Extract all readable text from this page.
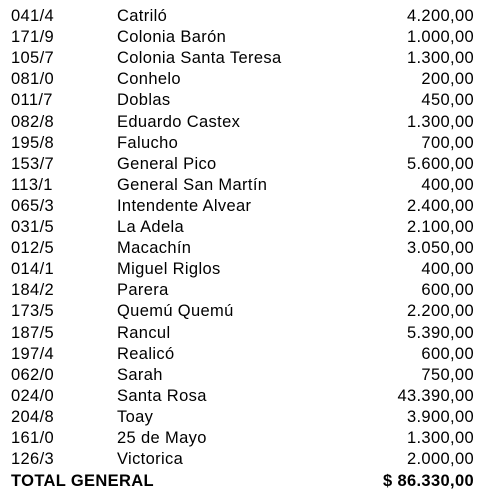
041/4	Catriló	4.200,00
171/9	Colonia Barón	1.000,00
105/7	Colonia Santa Teresa	1.300,00
081/0	Conhelo	200,00
011/7	Doblas	450,00
082/8	Eduardo Castex	1.300,00
195/8	Falucho	700,00
153/7	General Pico	5.600,00
113/1	General San Martín	400,00
065/3	Intendente Alvear	2.400,00
031/5	La Adela	2.100,00
012/5	Macachín	3.050,00
014/1	Miguel Riglos	400,00
184/2	Parera	600,00
173/5	Quemú Quemú	2.200,00
187/5	Rancul	5.390,00
197/4	Realicó	600,00
062/0	Sarah	750,00
024/0	Santa Rosa	43.390,00
204/8	Toay	3.900,00
161/0	25 de Mayo	1.300,00
126/3	Victorica	2.000,00
TOTAL GENERAL	$ 86.330,00
